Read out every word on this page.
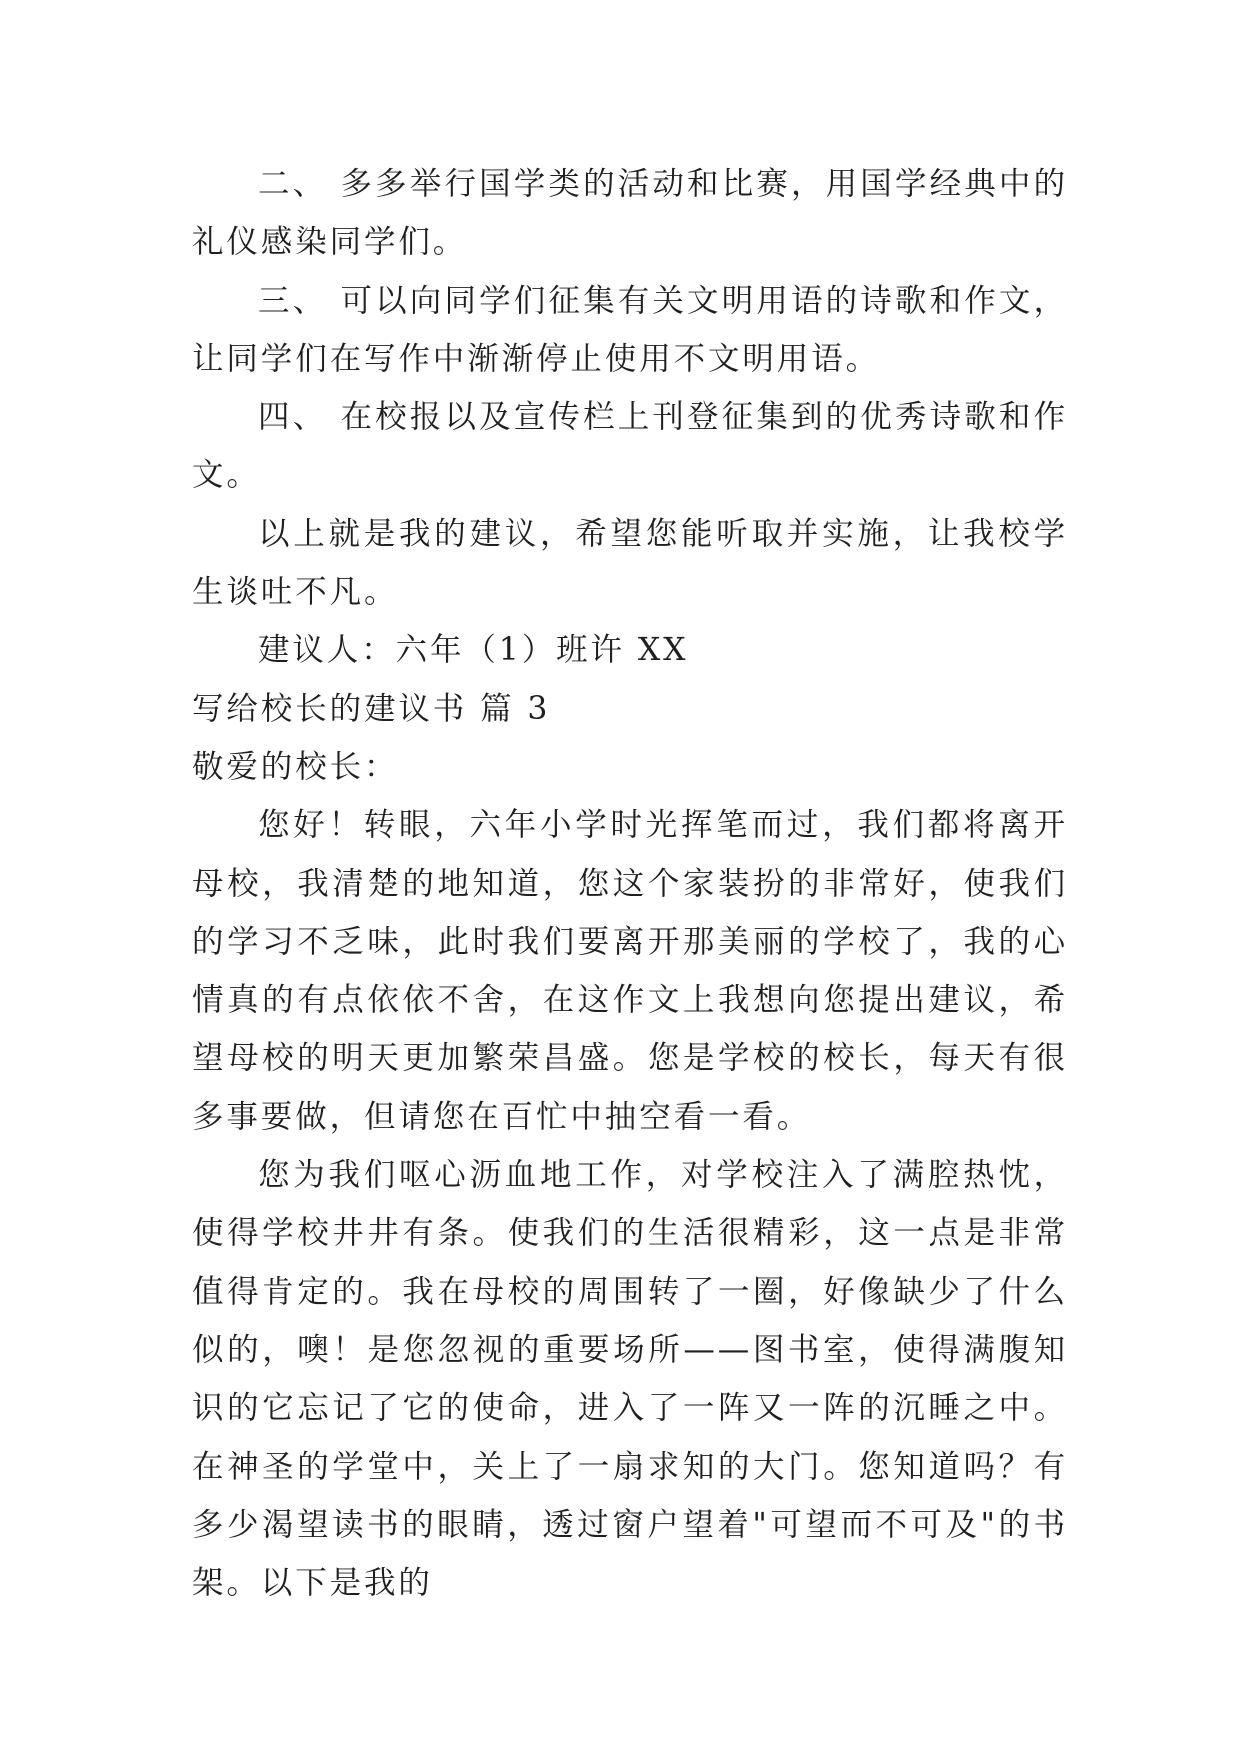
二、 多多举行国学类的活动和比赛，用国学经典中的礼仪感染同学们。

三、 可以向同学们征集有关文明用语的诗歌和作文，让同学们在写作中渐渐停止使用不文明用语。

四、 在校报以及宣传栏上刊登征集到的优秀诗歌和作文。

以上就是我的建议，希望您能听取并实施，让我校学生谈吐不凡。

建议人：六年（1）班许 XX

写给校长的建议书 篇 3

敬爱的校长：

您好！转眼，六年小学时光挥笔而过，我们都将离开母校，我清楚的地知道，您这个家装扮的非常好，使我们的学习不乏味，此时我们要离开那美丽的学校了，我的心情真的有点依依不舍，在这作文上我想向您提出建议，希望母校的明天更加繁荣昌盛。您是学校的校长，每天有很多事要做，但请您在百忙中抽空看一看。

您为我们呕心沥血地工作，对学校注入了满腔热忱，使得学校井井有条。使我们的生活很精彩，这一点是非常值得肯定的。我在母校的周围转了一圈，好像缺少了什么似的，噢！是您忽视的重要场所——图书室，使得满腹知识的它忘记了它的使命，进入了一阵又一阵的沉睡之中。在神圣的学堂中，关上了一扇求知的大门。您知道吗？有多少渴望读书的眼睛，透过窗户望着"可望而不可及"的书架。以下是我的
